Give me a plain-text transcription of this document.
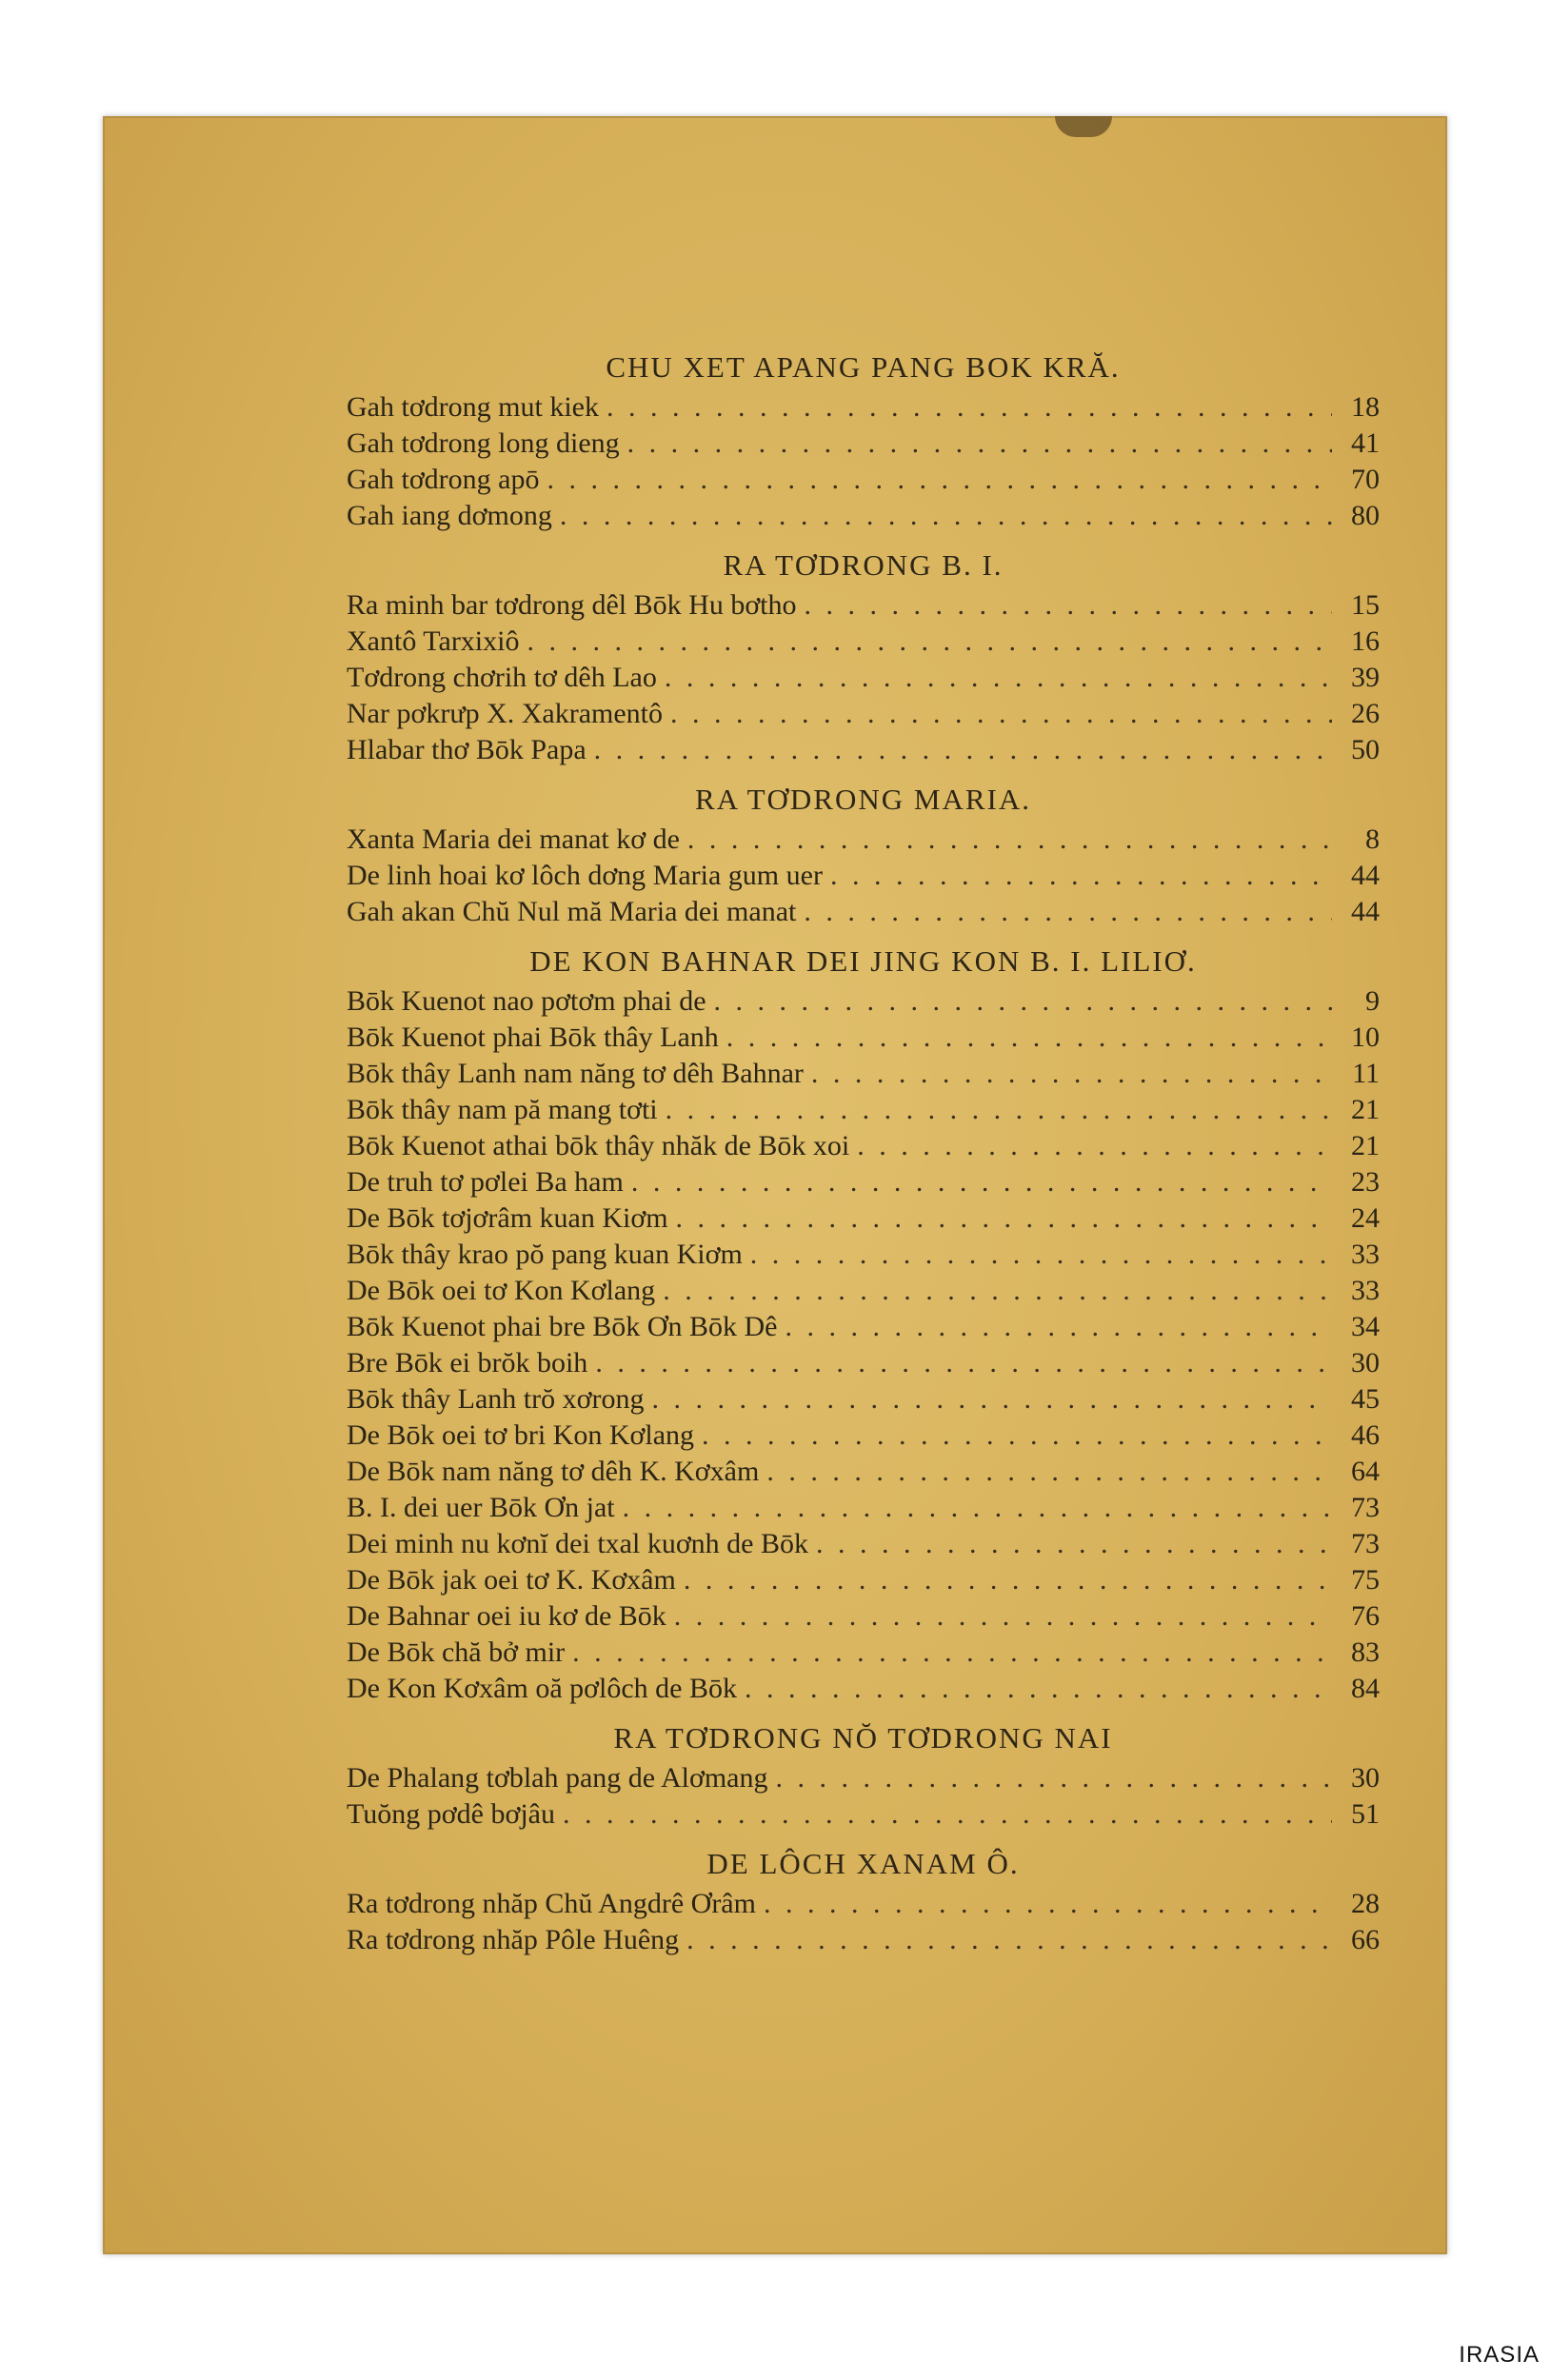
CHU XET APANG PANG BOK KRĂ.
Gah tơdrong mut kiek . . .	18
Gah tơdrong long dieng . . .	41
Gah tơdrong apō . . .	70
Gah iang dơmong . . .	80
RA TƠDRONG B. I.
Ra minh bar tơdrong dêl Bōk Hu bơtho . . .	15
Xantô Tarxixiô . . .	16
Tơdrong chơrih tơ dêh Lao . . .	39
Nar pơkrưp X. Xakramentô . . .	26
Hlabar thơ Bōk Papa . . .	50
RA TƠDRONG MARIA.
Xanta Maria dei manat kơ de . . .	8
De linh hoai kơ lôch dơng Maria gum uer . . .	44
Gah akan Chŭ Nul mă Maria dei manat . . .	44
DE KON BAHNAR DEI JING KON B. I. LILIƠ.
Bōk Kuenot nao pơtơm phai de . . .	9
Bōk Kuenot phai Bōk thây Lanh . . .	10
Bōk thây Lanh nam năng tơ dêh Bahnar . . .	11
Bōk thây nam pă mang tơti . . .	21
Bōk Kuenot athai bōk thây nhăk de Bōk xoi . . .	21
De truh tơ pơlei Ba ham . . .	23
De Bōk tơjơrâm kuan Kiơm . . .	24
Bōk thây krao pŏ pang kuan Kiơm . . .	33
De Bōk oei tơ Kon Kơlang . . .	33
Bōk Kuenot phai bre Bōk Ơn Bōk Dê . . .	34
Bre Bōk ei brŏk boih . . .	30
Bōk thây Lanh trŏ xơrong . . .	45
De Bōk oei tơ bri Kon Kơlang . . .	46
De Bōk nam năng tơ dêh K. Kơxâm . . .	64
B. I. dei uer Bōk Ơn jat . . .	73
Dei minh nu kơnĭ dei txal kuơnh de Bōk . . .	73
De Bōk jak oei tơ K. Kơxâm . . .	75
De Bahnar oei iu kơ de Bōk . . .	76
De Bōk chă bở mir . . .	83
De Kon Kơxâm oă pơlôch de Bōk . . .	84
RA TƠDRONG NŎ TƠDRONG NAI
De Phalang tơblah pang de Alơmang . . .	30
Tuŏng pơdê bơjâu . . .	51
DE LÔCH XANAM Ô.
Ra tơdrong nhăp Chŭ Angdrê Ơrâm . . .	28
Ra tơdrong nhăp Pôle Huêng . . .	66
IRASIA
